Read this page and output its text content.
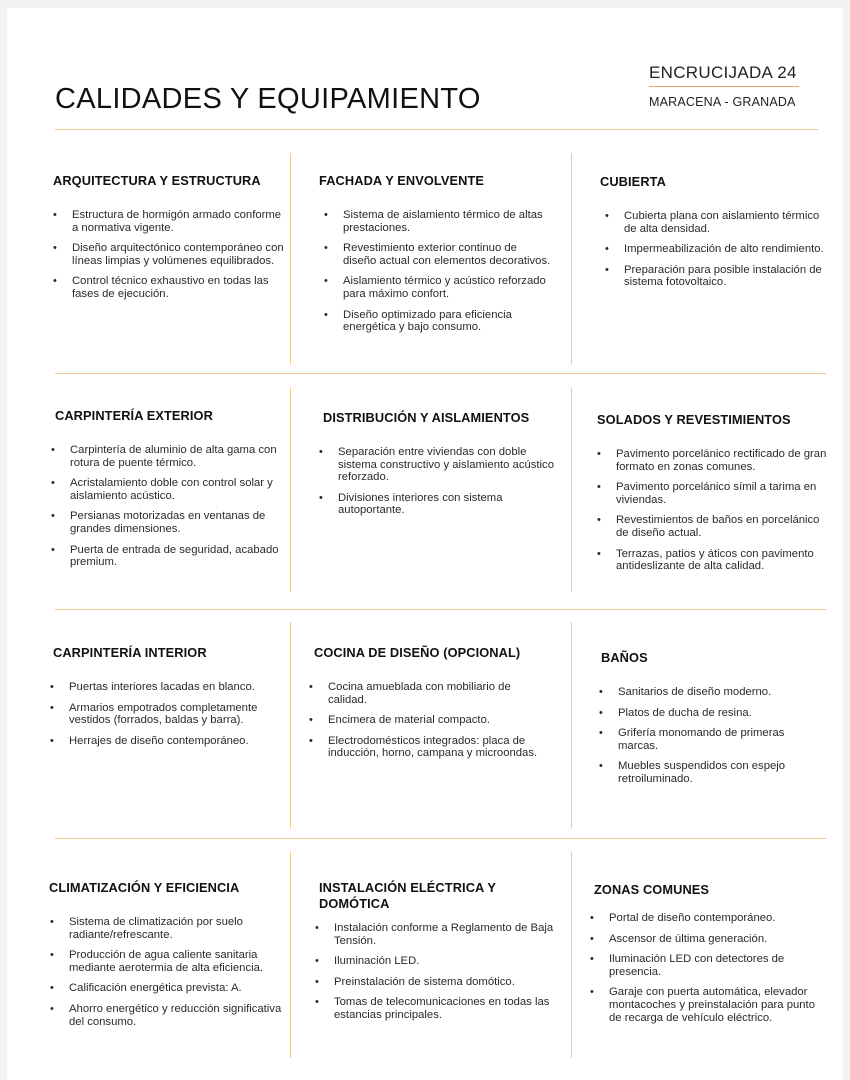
CALIDADES Y EQUIPAMIENTO
ENCRUCIJADA 24
MARACENA - GRANADA
ARQUITECTURA Y ESTRUCTURA
• Estructura de hormigón armado conforme a normativa vigente.
• Diseño arquitectónico contemporáneo con líneas limpias y volúmenes equilibrados.
• Control técnico exhaustivo en todas las fases de ejecución.
FACHADA Y ENVOLVENTE
• Sistema de aislamiento térmico de altas prestaciones.
• Revestimiento exterior continuo de diseño actual con elementos decorativos.
• Aislamiento térmico y acústico reforzado para máximo confort.
• Diseño optimizado para eficiencia energética y bajo consumo.
CUBIERTA
• Cubierta plana con aislamiento térmico de alta densidad.
• Impermeabilización de alto rendimiento.
• Preparación para posible instalación de sistema fotovoltaico.
CARPINTERÍA EXTERIOR
• Carpintería de aluminio de alta gama con rotura de puente térmico.
• Acristalamiento doble con control solar y aislamiento acústico.
• Persianas motorizadas en ventanas de grandes dimensiones.
• Puerta de entrada de seguridad, acabado premium.
DISTRIBUCIÓN Y AISLAMIENTOS
• Separación entre viviendas con doble sistema constructivo y aislamiento acústico reforzado.
• Divisiones interiores con sistema autoportante.
SOLADOS Y REVESTIMIENTOS
• Pavimento porcelánico rectificado de gran formato en zonas comunes.
• Pavimento porcelánico símil a tarima en viviendas.
• Revestimientos de baños en porcelánico de diseño actual.
• Terrazas, patios y áticos con pavimento antideslizante de alta calidad.
CARPINTERÍA INTERIOR
• Puertas interiores lacadas en blanco.
• Armarios empotrados completamente vestidos (forrados, baldas y barra).
• Herrajes de diseño contemporáneo.
COCINA DE DISEÑO (OPCIONAL)
• Cocina amueblada con mobiliario de calidad.
• Encimera de material compacto.
• Electrodomésticos integrados: placa de inducción, horno, campana y microondas.
BAÑOS
• Sanitarios de diseño moderno.
• Platos de ducha de resina.
• Grifería monomando de primeras marcas.
• Muebles suspendidos con espejo retroiluminado.
CLIMATIZACIÓN Y EFICIENCIA
• Sistema de climatización por suelo radiante/refrescante.
• Producción de agua caliente sanitaria mediante aerotermia de alta eficiencia.
• Calificación energética prevista: A.
• Ahorro energético y reducción significativa del consumo.
INSTALACIÓN ELÉCTRICA Y DOMÓTICA
• Instalación conforme a Reglamento de Baja Tensión.
• Iluminación LED.
• Preinstalación de sistema domótico.
• Tomas de telecomunicaciones en todas las estancias principales.
ZONAS COMUNES
• Portal de diseño contemporáneo.
• Ascensor de última generación.
• Iluminación LED con detectores de presencia.
• Garaje con puerta automática, elevador montacoches y preinstalación para punto de recarga de vehículo eléctrico.
